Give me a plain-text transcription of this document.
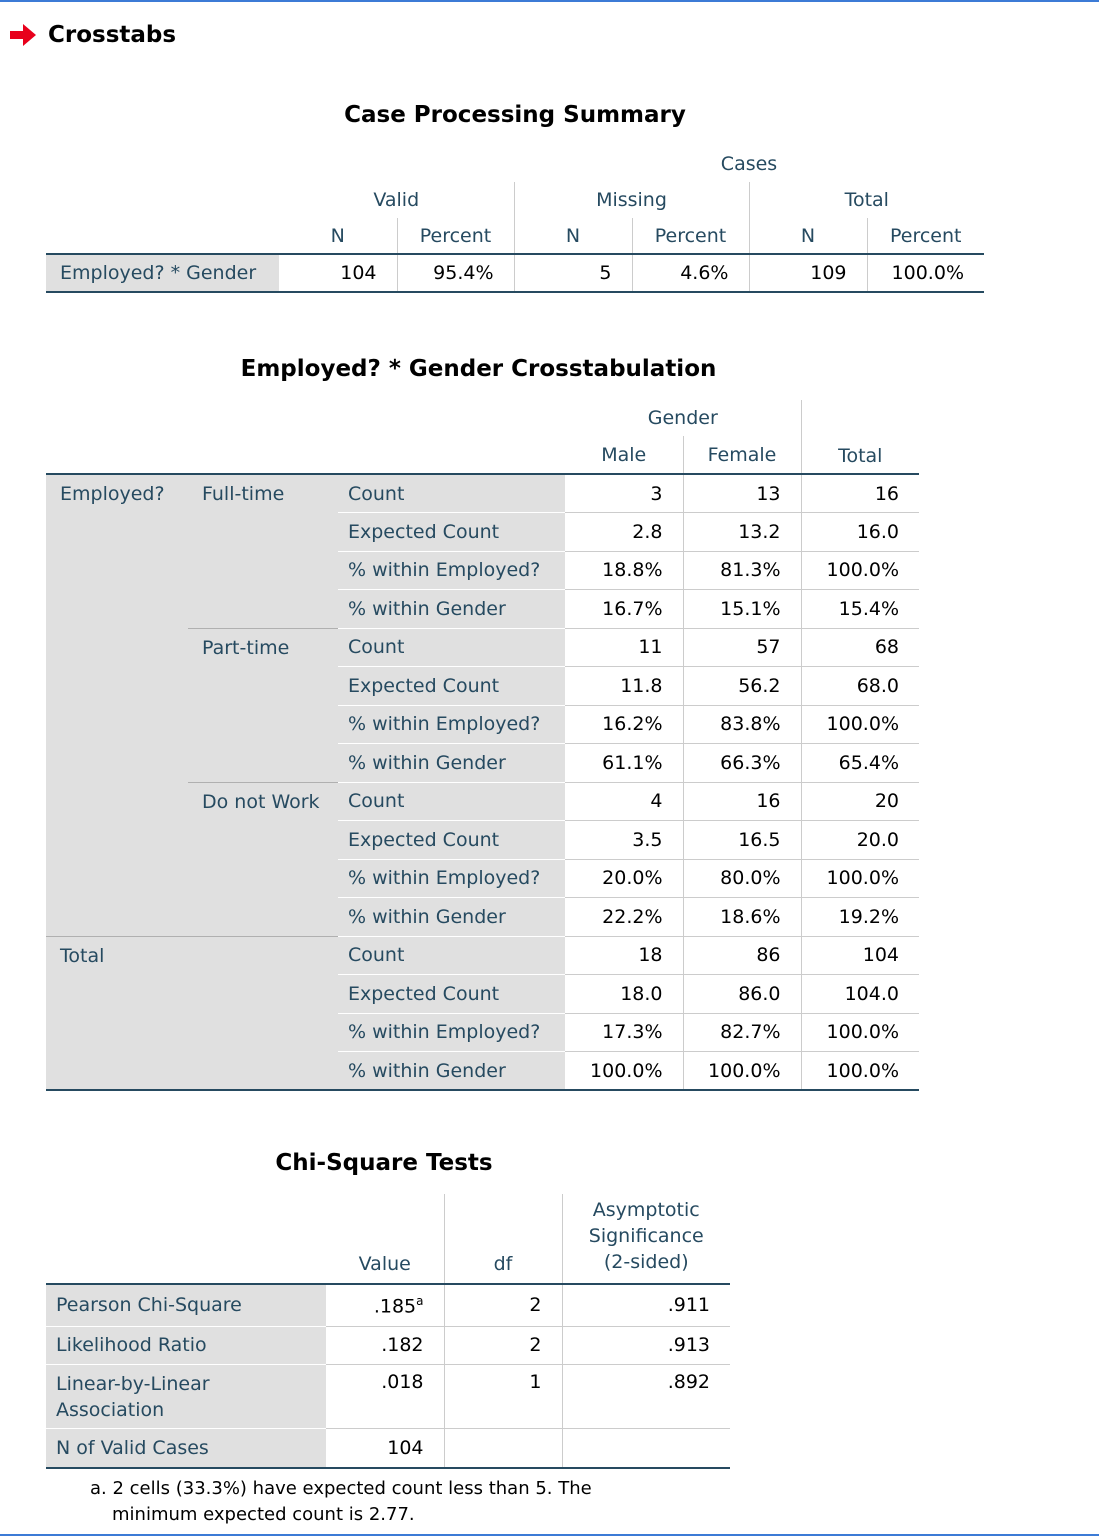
Crosstabs
Case Processing Summary
			Cases			
	Valid		Missing		Total	
	N	Percent	N	Percent	N	Percent
Employed? * Gender	104	95.4%	5	4.6%	109	100.0%
Employed? * Gender Crosstabulation
			Gender		
			Male	Female	Total
Employed?	Full-time	Count	3	13	16
		Expected Count	2.8	13.2	16.0
		% within Employed?	18.8%	81.3%	100.0%
		% within Gender	16.7%	15.1%	15.4%
	Part-time	Count	11	57	68
		Expected Count	11.8	56.2	68.0
		% within Employed?	16.2%	83.8%	100.0%
		% within Gender	61.1%	66.3%	65.4%
	Do not Work	Count	4	16	20
		Expected Count	3.5	16.5	20.0
		% within Employed?	20.0%	80.0%	100.0%
		% within Gender	22.2%	18.6%	19.2%
Total		Count	18	86	104
		Expected Count	18.0	86.0	104.0
		% within Employed?	17.3%	82.7%	100.0%
		% within Gender	100.0%	100.0%	100.0%
Chi-Square Tests
	Value	df	Asymptotic
Significance
(2-sided)

Pearson Chi-Square	.185$^a$	2	.911
Likelihood Ratio	.182	2	.913

Linear-by-Linear
Association	.018	1	.892
N of Valid Cases	104		
a. 2 cells (33.3%) have expected count less than 5. The
minimum expected count is 2.77.
